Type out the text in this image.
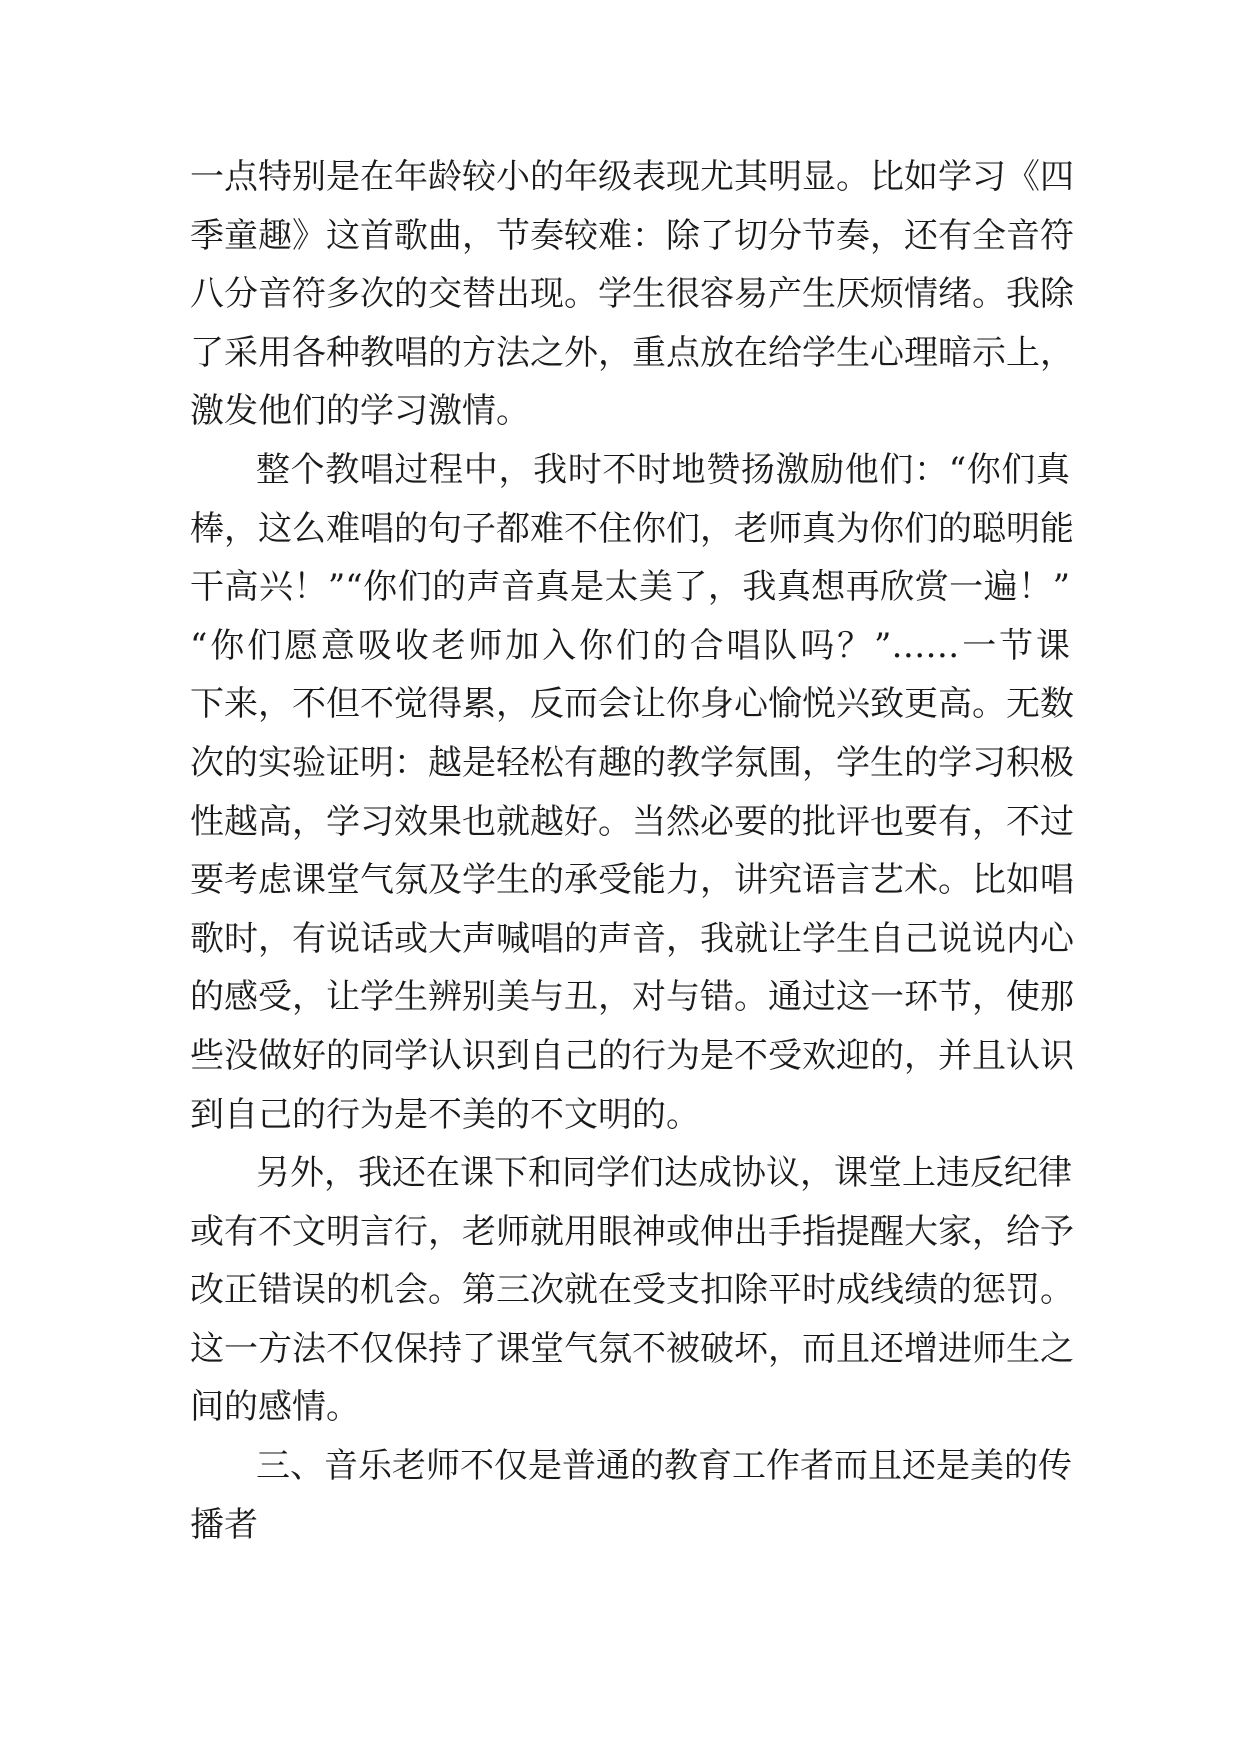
一点特别是在年龄较小的年级表现尤其明显。比如学习《四
季童趣》这首歌曲，节奏较难：除了切分节奏，还有全音符
八分音符多次的交替出现。学生很容易产生厌烦情绪。我除
了采用各种教唱的方法之外，重点放在给学生心理暗示上，
激发他们的学习激情。

整个教唱过程中，我时不时地赞扬激励他们：“你们真
棒，这么难唱的句子都难不住你们，老师真为你们的聪明能
干高兴！”“你们的声音真是太美了，我真想再欣赏一遍！”
“你们愿意吸收老师加入你们的合唱队吗？”……一节课
下来，不但不觉得累，反而会让你身心愉悦兴致更高。无数
次的实验证明：越是轻松有趣的教学氛围，学生的学习积极
性越高，学习效果也就越好。当然必要的批评也要有，不过
要考虑课堂气氛及学生的承受能力，讲究语言艺术。比如唱
歌时，有说话或大声喊唱的声音，我就让学生自己说说内心
的感受，让学生辨别美与丑，对与错。通过这一环节，使那
些没做好的同学认识到自己的行为是不受欢迎的，并且认识
到自己的行为是不美的不文明的。

另外，我还在课下和同学们达成协议，课堂上违反纪律
或有不文明言行，老师就用眼神或伸出手指提醒大家，给予
改正错误的机会。第三次就在受支扣除平时成线绩的惩罚。
这一方法不仅保持了课堂气氛不被破坏，而且还增进师生之
间的感情。

三、音乐老师不仅是普通的教育工作者而且还是美的传
播者
